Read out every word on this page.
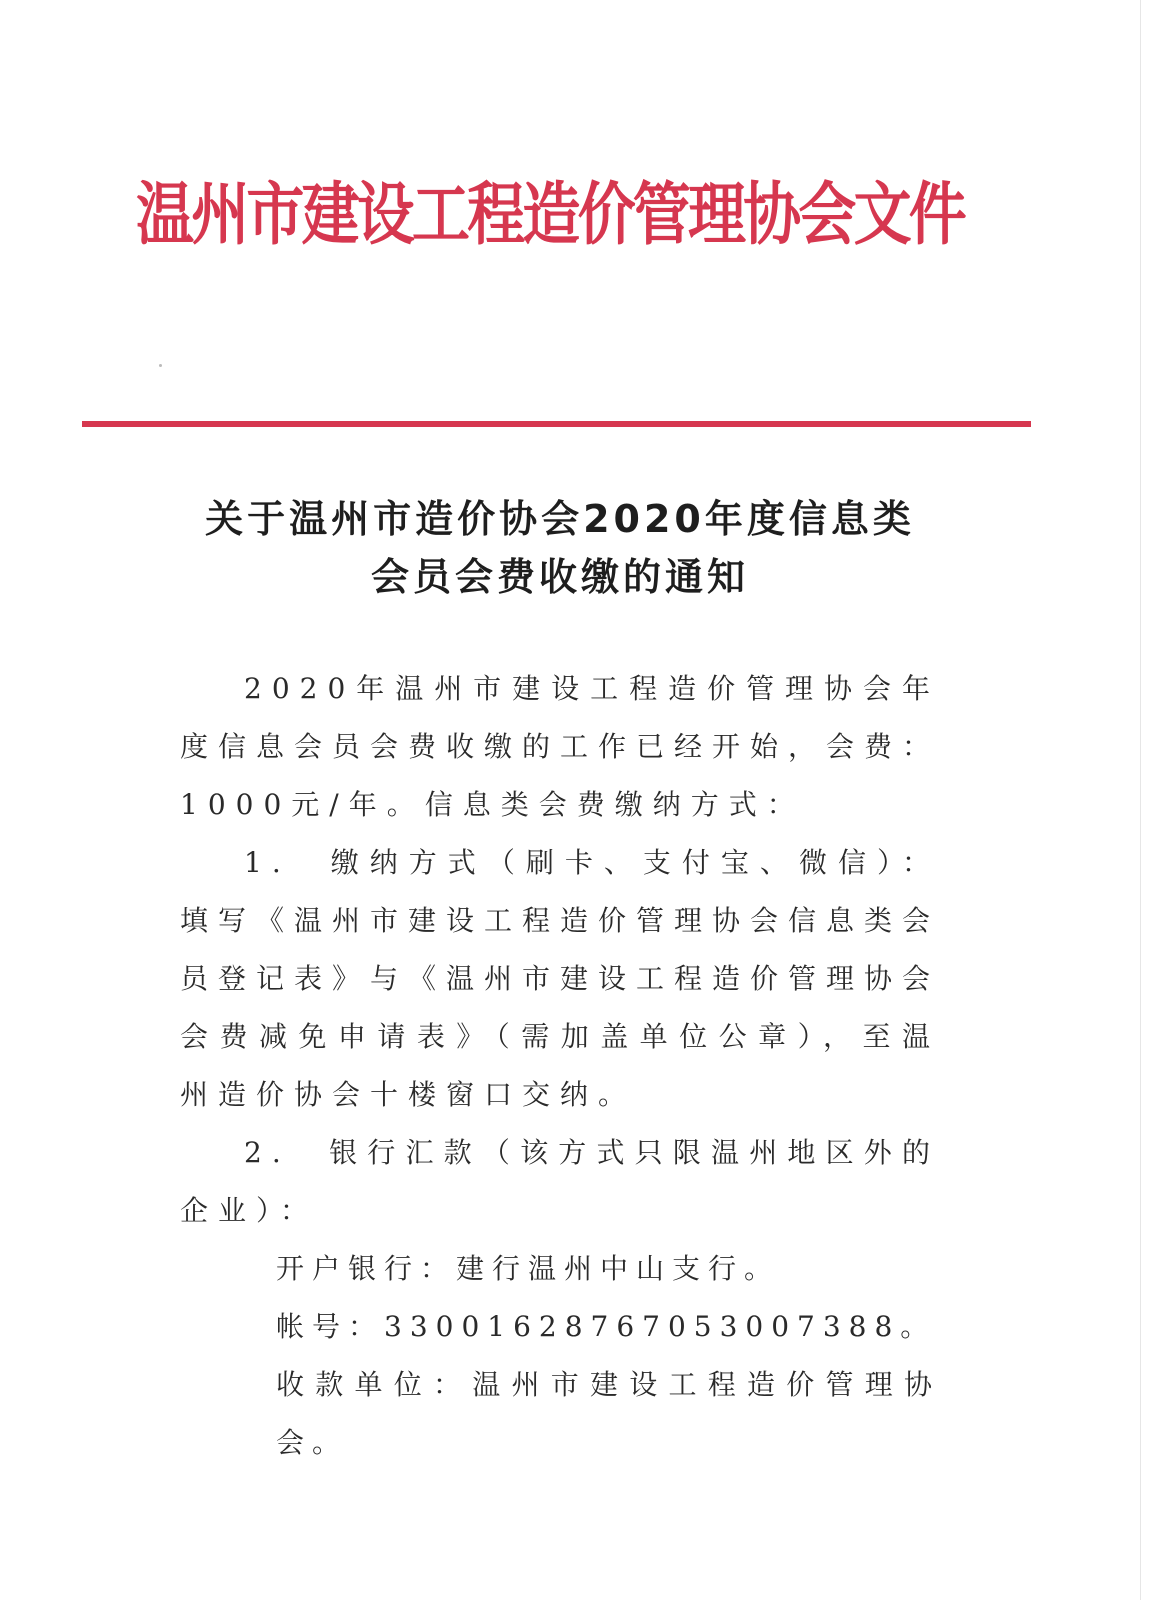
温州市建设工程造价管理协会文件
关于温州市造价协会2020年度信息类
会员会费收缴的通知

2020年温州市建设工程造价管理协会年度信息会员会费收缴的工作已经开始，会费：1000元/年。信息类会费缴纳方式：

1.　缴纳方式（刷卡、支付宝、微信）：填写《温州市建设工程造价管理协会信息类会员登记表》与《温州市建设工程造价管理协会会费减免申请表》（需加盖单位公章），至温州造价协会十楼窗口交纳。

2.　银行汇款（该方式只限温州地区外的企业）：

开户银行：建行温州中山支行。

帐号：33001628767053007388。

收款单位：温州市建设工程造价管理协会。
